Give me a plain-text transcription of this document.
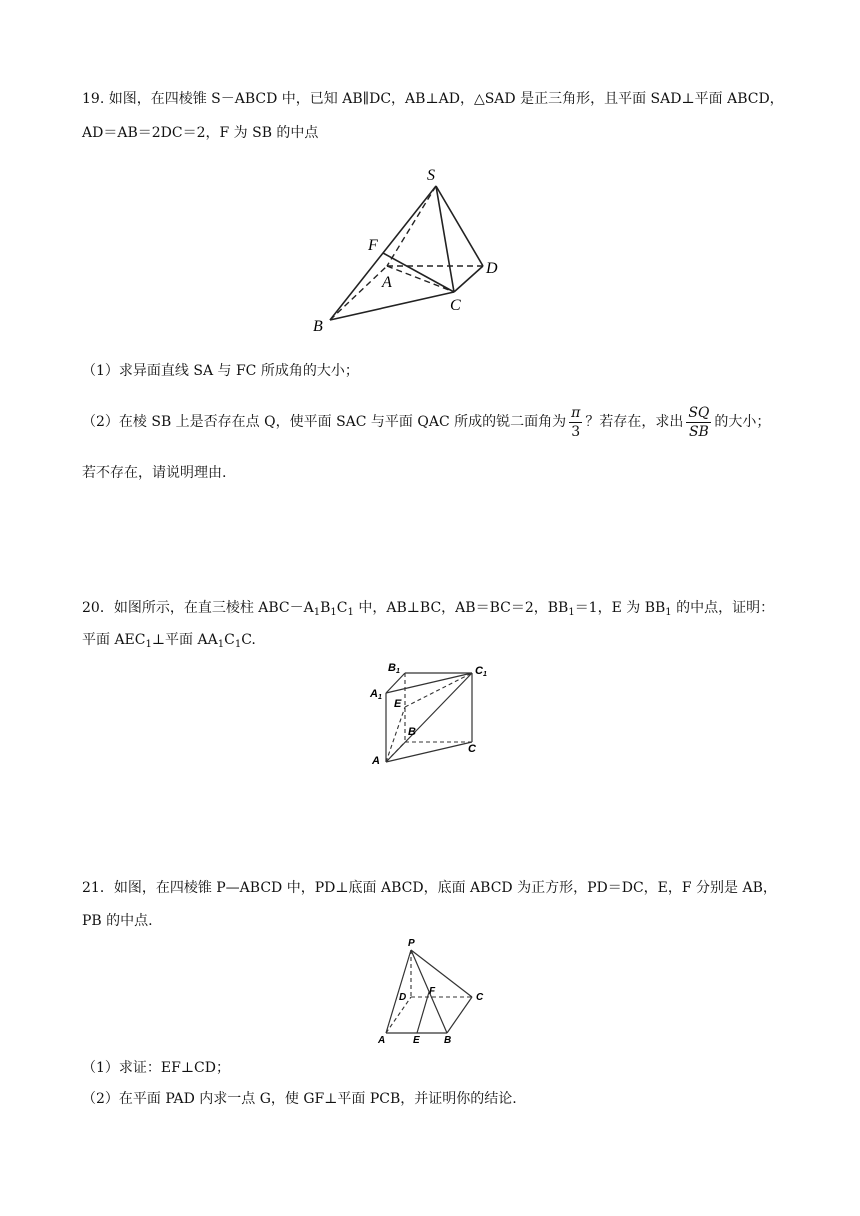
19. 如图，在四棱锥 S－ABCD 中，已知 AB∥DC，AB⊥AD，△SAD 是正三角形，且平面 SAD⊥平面 ABCD，
AD＝AB＝2DC＝2，F 为 SB 的中点
S
F
D
A
C
B
（1）求异面直线 SA 与 FC 所成角的大小；
（2）在棱 SB 上是否存在点 Q，使平面 SAC 与平面 QAC 所成的锐二面角为 $\frac{\pi}{3}$ ？若存在，求出 $\frac{SQ}{SB}$ 的大小；
若不存在，请说明理由.
20．如图所示，在直三棱柱 $ABC-A_1B_1C_1$ 中，AB⊥BC，AB＝BC＝2，$BB_1=1$，E 为 $BB_1$ 的中点，证明：
平面 $AEC_1\perp$平面 $AA_1C_1C$.
B1	C1
A1
E
B
A
C
21．如图，在四棱锥 P—ABCD 中，PD⊥底面 ABCD，底面 ABCD 为正方形，PD＝DC，E，F 分别是 AB，
PB 的中点.
P
D
F
C
A	E B
（1）求证：EF⊥CD；
（2）在平面 PAD 内求一点 G，使 GF⊥平面 PCB，并证明你的结论.
